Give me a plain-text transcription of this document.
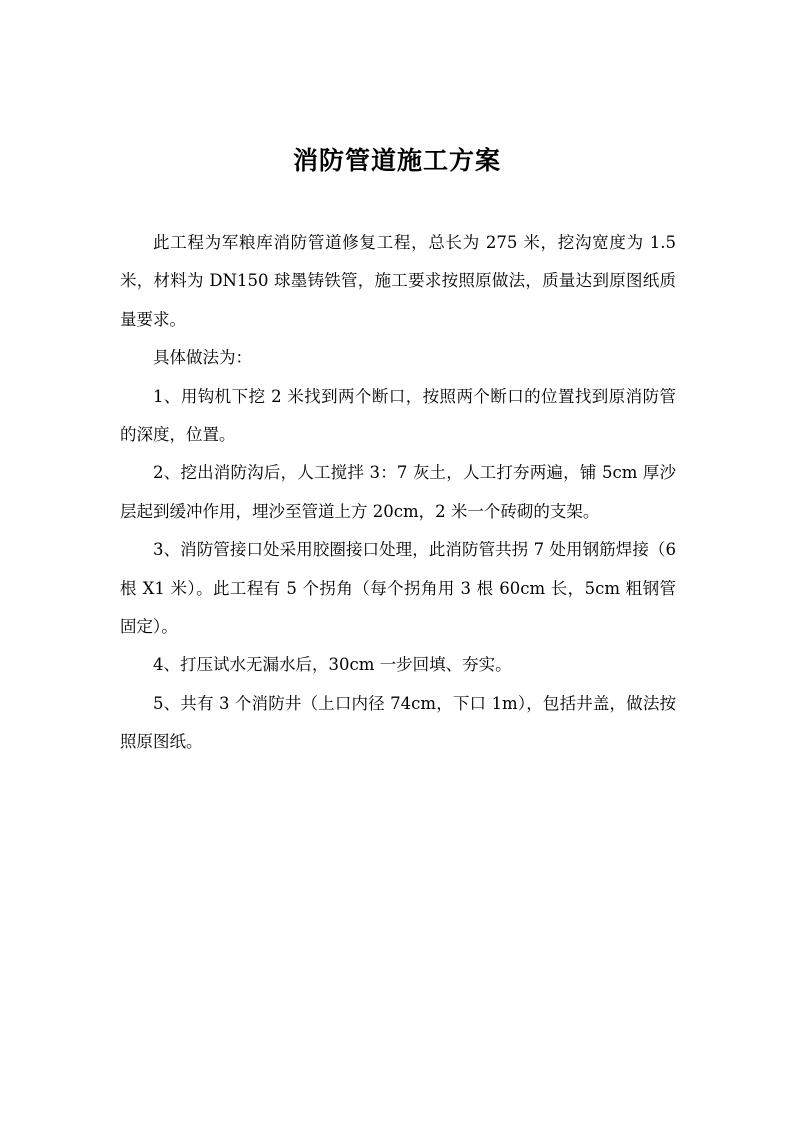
消防管道施工方案

此工程为军粮库消防管道修复工程，总长为 275 米，挖沟宽度为 1.5 米，材料为 DN150 球墨铸铁管，施工要求按照原做法，质量达到原图纸质量要求。

具体做法为：

1、用钩机下挖 2 米找到两个断口，按照两个断口的位置找到原消防管的深度，位置。

2、挖出消防沟后，人工搅拌 3：7 灰土，人工打夯两遍，铺 5cm 厚沙层起到缓冲作用，埋沙至管道上方 20cm，2 米一个砖砌的支架。

3、消防管接口处采用胶圈接口处理，此消防管共拐 7 处用钢筋焊接（6 根 X1 米）。此工程有 5 个拐角（每个拐角用 3 根 60cm 长，5cm 粗钢管固定）。

4、打压试水无漏水后，30cm 一步回填、夯实。

5、共有 3 个消防井（上口内径 74cm，下口 1m），包括井盖，做法按照原图纸。
